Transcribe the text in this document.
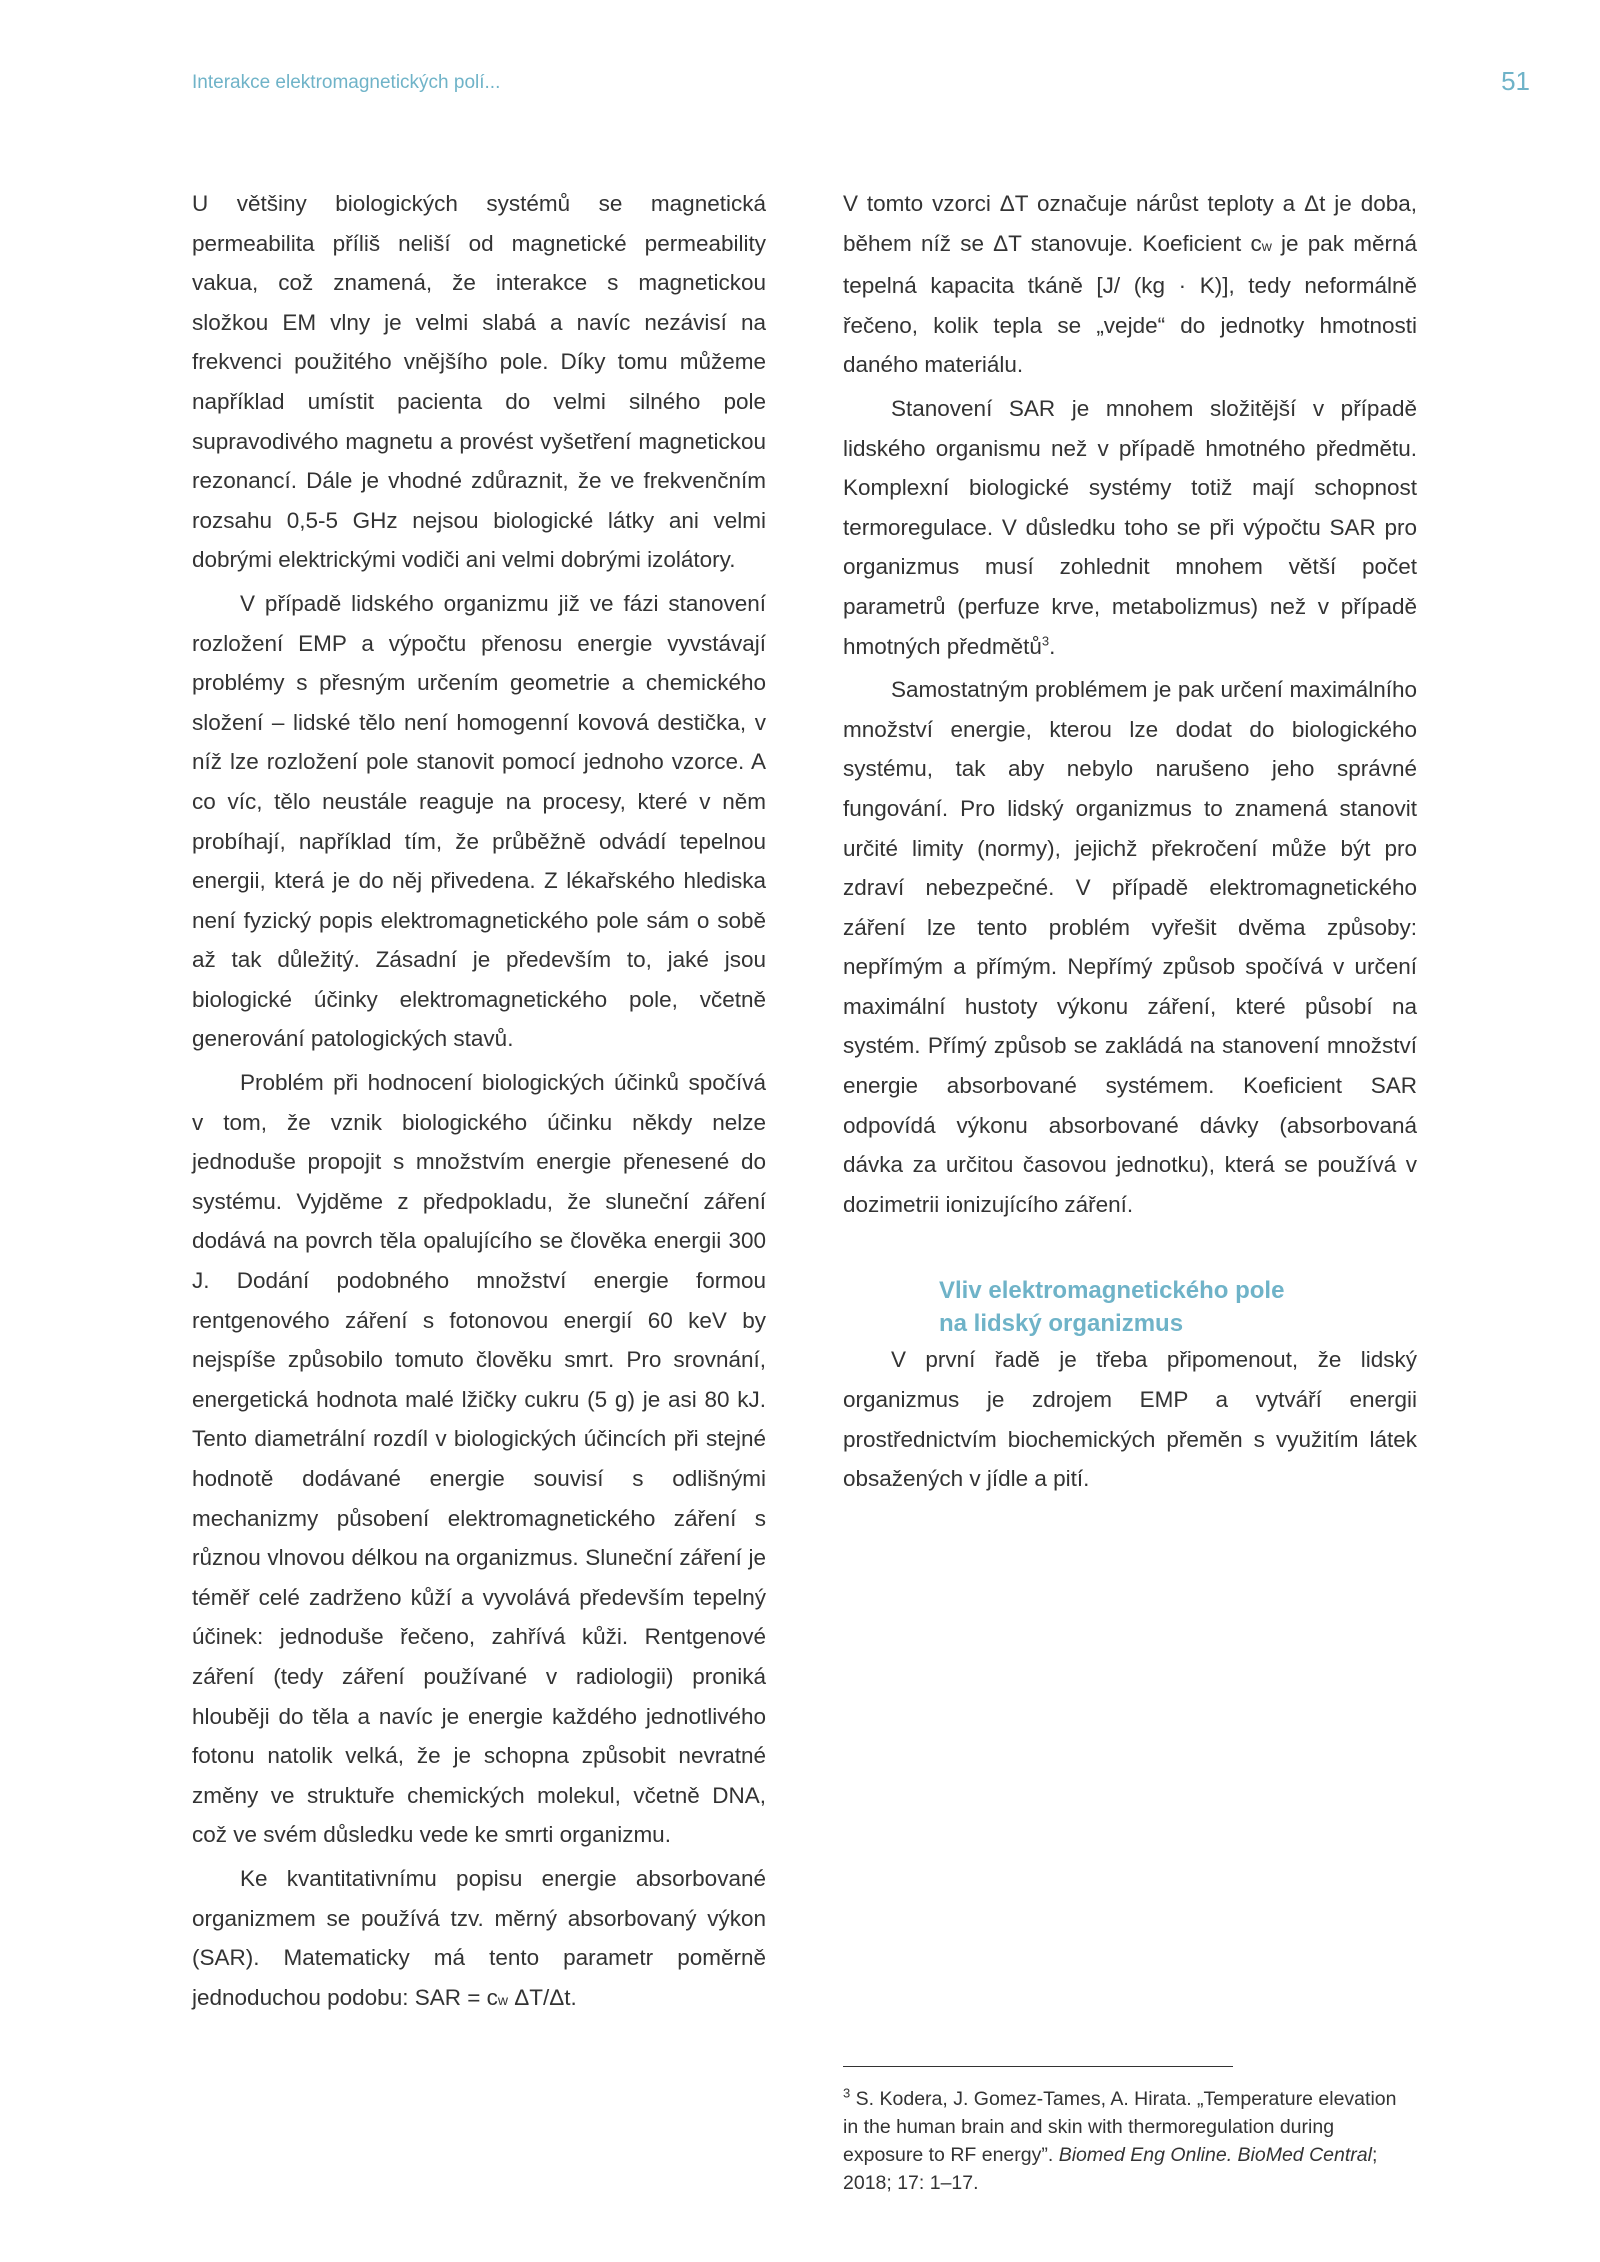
Interakce elektromagnetických polí...	51

U většiny biologických systémů se magnetická permeabilita příliš neliší od magnetické permeability vakua, což znamená, že interakce s magnetickou složkou EM vlny je velmi slabá a navíc nezávisí na frekvenci použitého vnějšího pole. Díky tomu můžeme například umístit pacienta do velmi silného pole supravodivého magnetu a provést vyšetření magnetickou rezonancí. Dále je vhodné zdůraznit, že ve frekvenčním rozsahu 0,5-5 GHz nejsou biologické látky ani velmi dobrými elektrickými vodiči ani velmi dobrými izolátory.

V případě lidského organizmu již ve fázi stanovení rozložení EMP a výpočtu přenosu energie vyvstávají problémy s přesným určením geometrie a chemického složení – lidské tělo není homogenní kovová destička, v níž lze rozložení pole stanovit pomocí jednoho vzorce. A co víc, tělo neustále reaguje na procesy, které v něm probíhají, například tím, že průběžně odvádí tepelnou energii, která je do něj přivedena. Z lékařského hlediska není fyzický popis elektromagnetického pole sám o sobě až tak důležitý. Zásadní je především to, jaké jsou biologické účinky elektromagnetického pole, včetně generování patologických stavů.

Problém při hodnocení biologických účinků spočívá v tom, že vznik biologického účinku někdy nelze jednoduše propojit s množstvím energie přenesené do systému. Vyjděme z předpokladu, že sluneční záření dodává na povrch těla opalujícího se člověka energii 300 J. Dodání podobného množství energie formou rentgenového záření s fotonovou energií 60 keV by nejspíše způsobilo tomuto člověku smrt. Pro srovnání, energetická hodnota malé lžičky cukru (5 g) je asi 80 kJ. Tento diametrální rozdíl v biologických účincích při stejné hodnotě dodávané energie souvisí s odlišnými mechanizmy působení elektromagnetického záření s různou vlnovou délkou na organizmus. Sluneční záření je téměř celé zadrženo kůží a vyvolává především tepelný účinek: jednoduše řečeno, zahřívá kůži. Rentgenové záření (tedy záření používané v radiologii) proniká hlouběji do těla a navíc je energie každého jednotlivého fotonu natolik velká, že je schopna způsobit nevratné změny ve struktuře chemických molekul, včetně DNA, což ve svém důsledku vede ke smrti organizmu.

Ke kvantitativnímu popisu energie absorbované organizmem se používá tzv. měrný absorbovaný výkon (SAR). Matematicky má tento parametr poměrně jednoduchou podobu: SAR = cw ΔT/Δt.

V tomto vzorci ΔT označuje nárůst teploty a Δt je doba, během níž se ΔT stanovuje. Koeficient cw je pak měrná tepelná kapacita tkáně [J/ (kg · K)], tedy neformálně řečeno, kolik tepla se „vejde“ do jednotky hmotnosti daného materiálu.

Stanovení SAR je mnohem složitější v případě lidského organismu než v případě hmotného předmětu. Komplexní biologické systémy totiž mají schopnost termoregulace. V důsledku toho se při výpočtu SAR pro organizmus musí zohlednit mnohem větší počet parametrů (perfuze krve, metabolizmus) než v případě hmotných předmětů$^3$.

Samostatným problémem je pak určení maximálního množství energie, kterou lze dodat do biologického systému, tak aby nebylo narušeno jeho správné fungování. Pro lidský organizmus to znamená stanovit určité limity (normy), jejichž překročení může být pro zdraví nebezpečné. V případě elektromagnetického záření lze tento problém vyřešit dvěma způsoby: nepřímým a přímým. Nepřímý způsob spočívá v určení maximální hustoty výkonu záření, které působí na systém. Přímý způsob se zakládá na stanovení množství energie absorbované systémem. Koeficient SAR odpovídá výkonu absorbované dávky (absorbovaná dávka za určitou časovou jednotku), která se používá v dozimetrii ionizujícího záření.

Vliv elektromagnetického pole
na lidský organizmus

V první řadě je třeba připomenout, že lidský organizmus je zdrojem EMP a vytváří energii prostřednictvím biochemických přeměn s využitím látek obsažených v jídle a pití.

$^3$ S. Kodera, J. Gomez-Tames, A. Hirata. „Temperature elevation in the human brain and skin with thermoregulation during exposure to RF energy”. Biomed Eng Online. BioMed Central; 2018; 17: 1–17.
